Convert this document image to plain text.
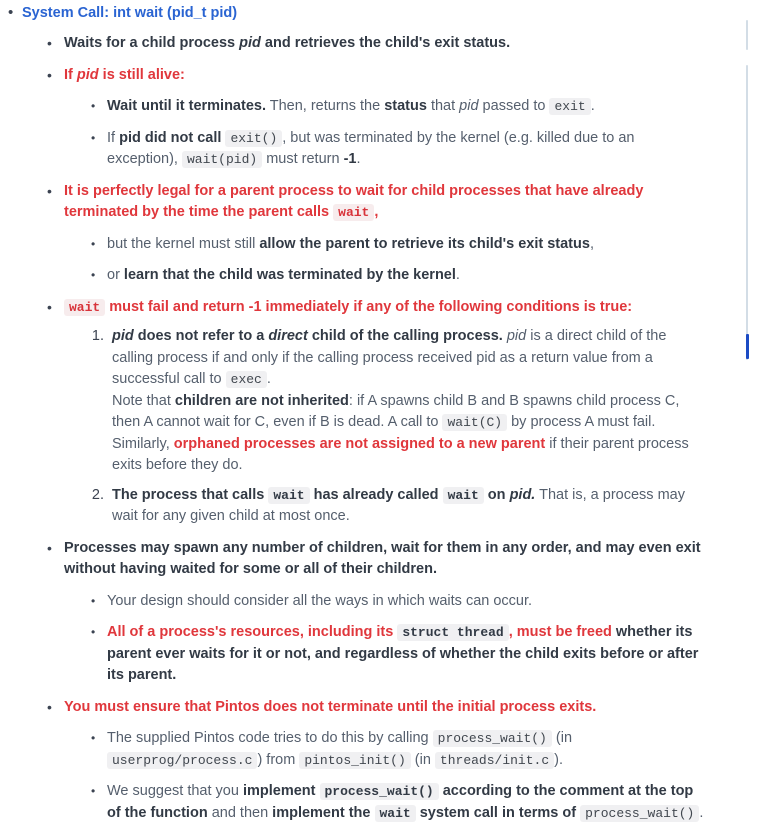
• System Call: int wait (pid_t pid)
• Waits for a child process pid and retrieves the child's exit status.
• If pid is still alive:
• Wait until it terminates. Then, returns the status that pid passed to exit .
• If pid did not call exit() , but was terminated by the kernel (e.g. killed due to an exception), wait(pid) must return -1.
• It is perfectly legal for a parent process to wait for child processes that have already terminated by the time the parent calls wait ,
• but the kernel must still allow the parent to retrieve its child's exit status,
• or learn that the child was terminated by the kernel.
• wait must fail and return -1 immediately if any of the following conditions is true:
pid does not refer to a direct child of the calling process. pid is a direct child of the calling process if and only if the calling process received pid as a return value from a successful call to exec .
Note that children are not inherited: if A spawns child B and B spawns child process C, then A cannot wait for C, even if B is dead. A call to wait(C) by process A must fail.
Similarly, orphaned processes are not assigned to a new parent if their parent process exits before they do.
The process that calls wait has already called wait on pid. That is, a process may wait for any given child at most once.
• Processes may spawn any number of children, wait for them in any order, and may even exit without having waited for some or all of their children.
• Your design should consider all the ways in which waits can occur.
• All of a process's resources, including its struct thread , must be freed whether its parent ever waits for it or not, and regardless of whether the child exits before or after its parent.
• You must ensure that Pintos does not terminate until the initial process exits.
• The supplied Pintos code tries to do this by calling process_wait() (in userprog/process.c ) from pintos_init() (in threads/init.c ).
• We suggest that you implement process_wait() according to the comment at the top of the function and then implement the wait system call in terms of process_wait() .
